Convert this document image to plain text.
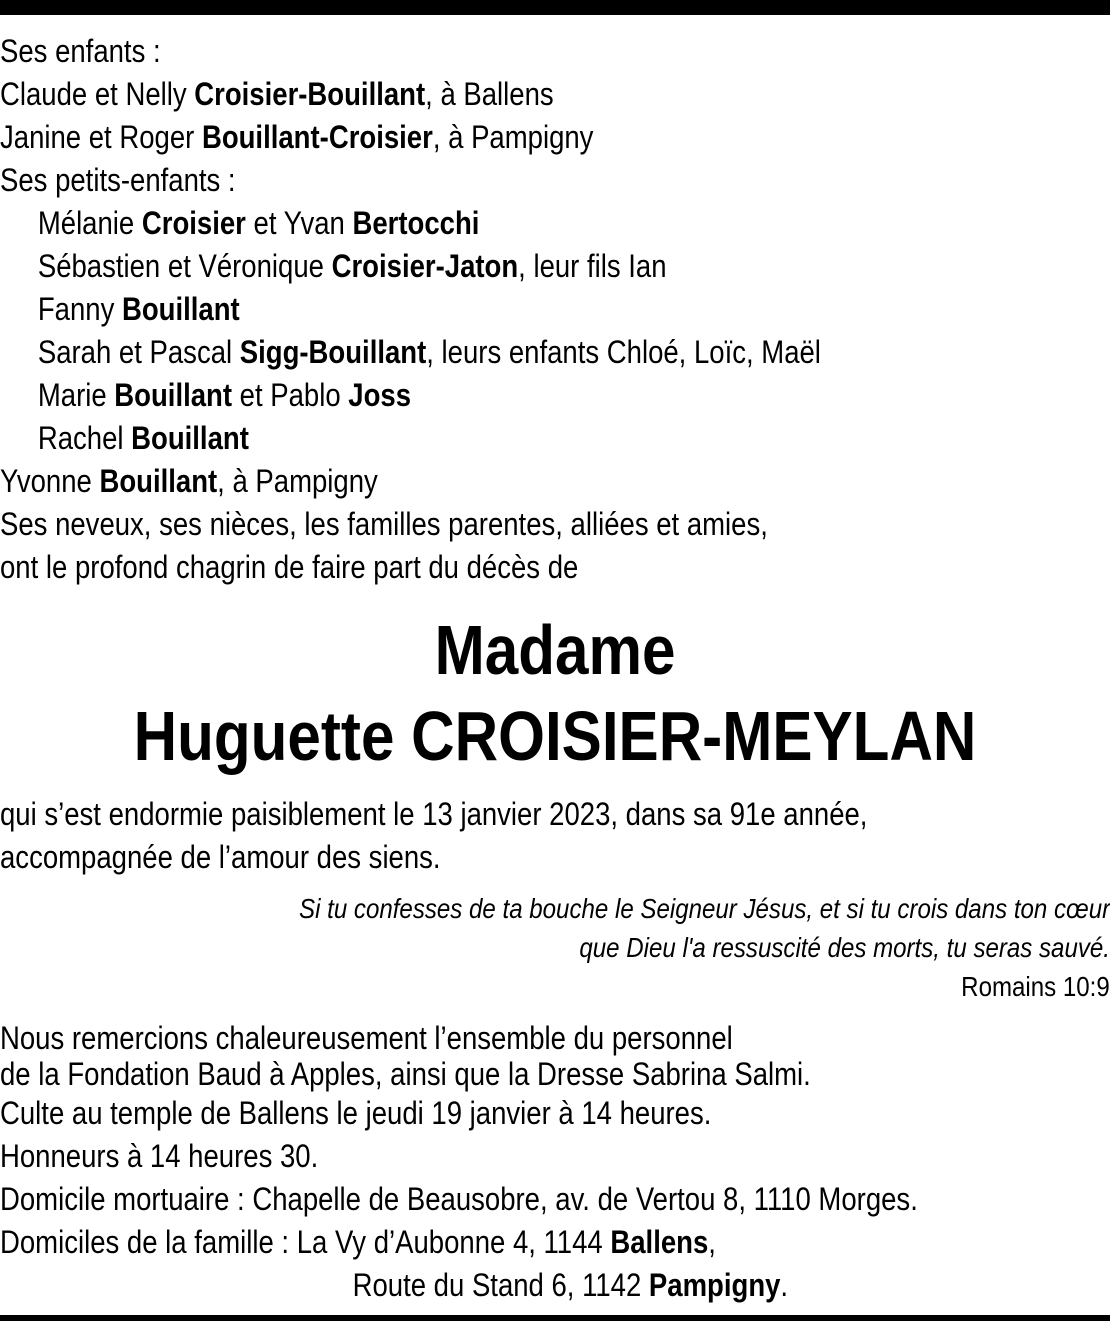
Ses enfants :
Claude et Nelly Croisier-Bouillant, à Ballens
Janine et Roger Bouillant-Croisier, à Pampigny
Ses petits-enfants :
Mélanie Croisier et Yvan Bertocchi
Sébastien et Véronique Croisier-Jaton, leur fils Ian
Fanny Bouillant
Sarah et Pascal Sigg-Bouillant, leurs enfants Chloé, Loïc, Maël
Marie Bouillant et Pablo Joss
Rachel Bouillant
Yvonne Bouillant, à Pampigny
Ses neveux, ses nièces, les familles parentes, alliées et amies,
ont le profond chagrin de faire part du décès de
Madame
Huguette CROISIER-MEYLAN
qui s’est endormie paisiblement le 13 janvier 2023, dans sa 91e année,
accompagnée de l’amour des siens.
Si tu confesses de ta bouche le Seigneur Jésus, et si tu crois dans ton cœur
que Dieu l'a ressuscité des morts, tu seras sauvé.
Romains 10:9
Nous remercions chaleureusement l’ensemble du personnel
de la Fondation Baud à Apples, ainsi que la Dresse Sabrina Salmi.
Culte au temple de Ballens le jeudi 19 janvier à 14 heures.
Honneurs à 14 heures 30.
Domicile mortuaire : Chapelle de Beausobre, av. de Vertou 8, 1110 Morges.
Domiciles de la famille : La Vy d’Aubonne 4, 1144 Ballens,
Route du Stand 6, 1142 Pampigny.
